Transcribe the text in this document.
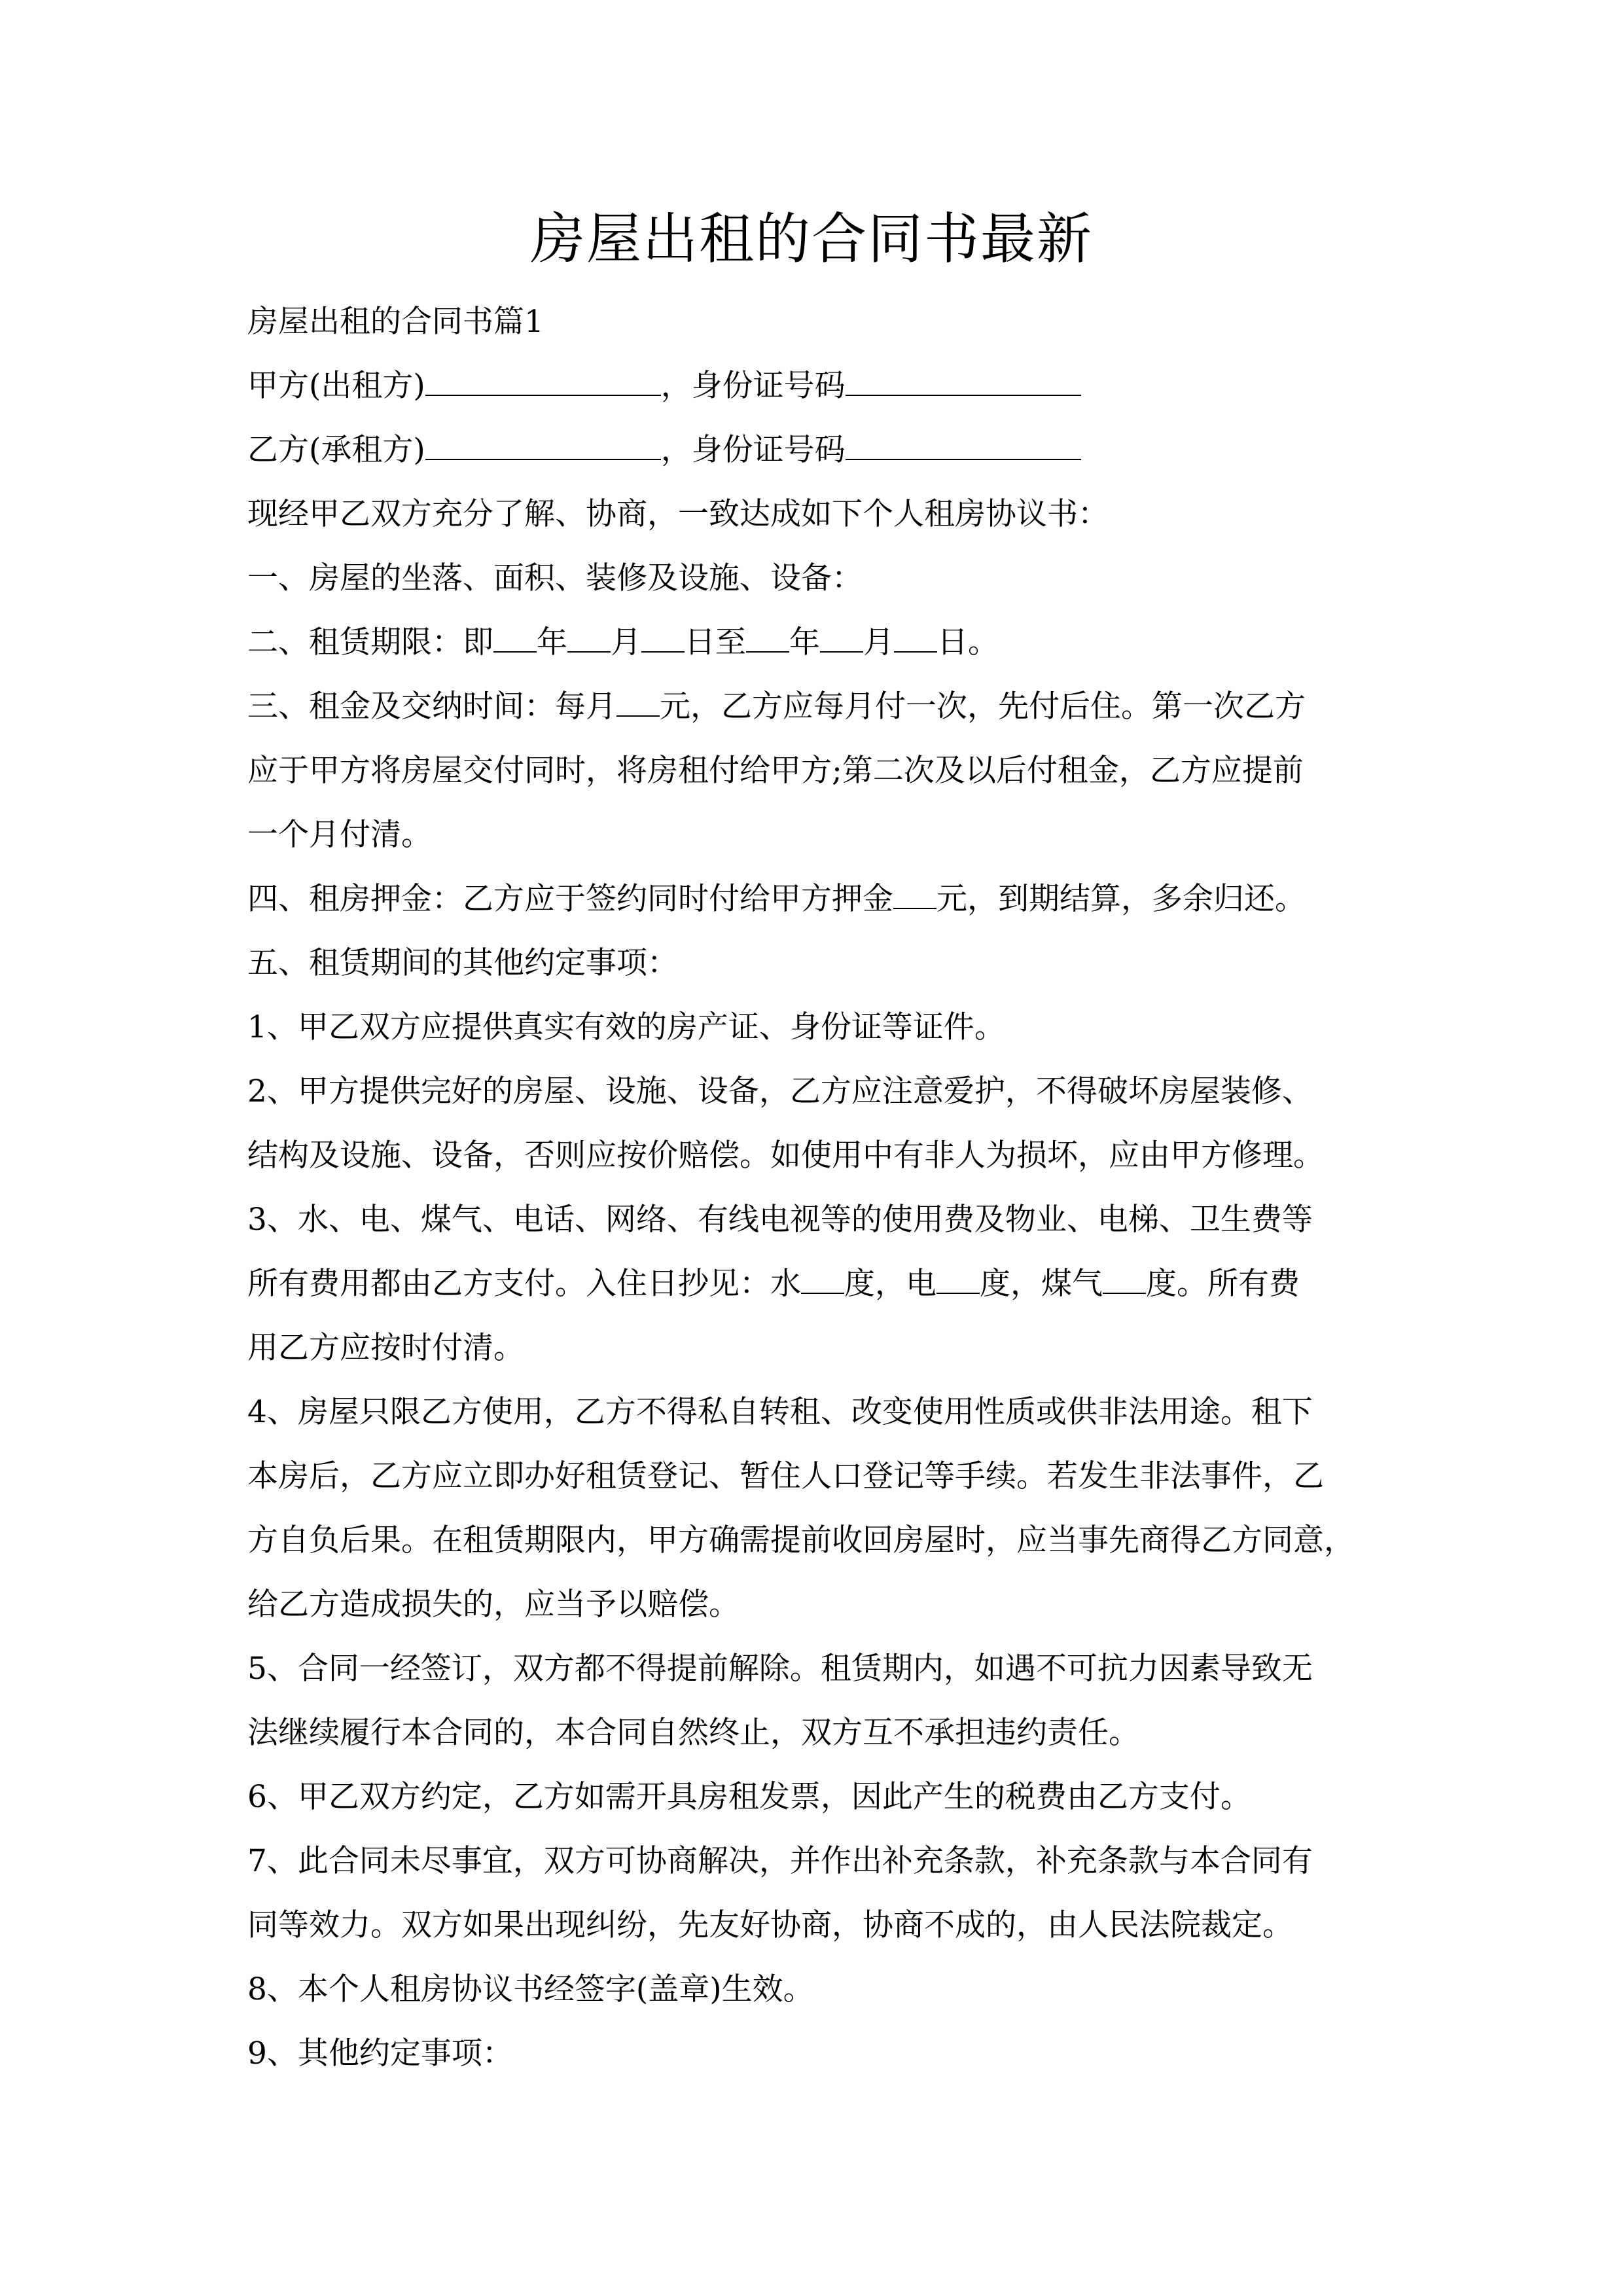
房屋出租的合同书最新
房屋出租的合同书篇1
甲方(出租方)	，身份证号码
乙方(承租方)	，身份证号码
现经甲乙双方充分了解、协商，一致达成如下个人租房协议书：
一、房屋的坐落、面积、装修及设施、设备：
二、租赁期限：即 年 月 日至 年 月 日。
三、租金及交纳时间：每月 元，乙方应每月付一次，先付后住。第一次乙方
应于甲方将房屋交付同时，将房租付给甲方;第二次及以后付租金，乙方应提前
一个月付清。
四、租房押金：乙方应于签约同时付给甲方押金 元，到期结算，多余归还。
五、租赁期间的其他约定事项：
1、甲乙双方应提供真实有效的房产证、身份证等证件。
2、甲方提供完好的房屋、设施、设备，乙方应注意爱护，不得破坏房屋装修、
结构及设施、设备，否则应按价赔偿。如使用中有非人为损坏，应由甲方修理。
3、水、电、煤气、电话、网络、有线电视等的使用费及物业、电梯、卫生费等
所有费用都由乙方支付。入住日抄见：水 度，电 度，煤气 度。所有费
用乙方应按时付清。
4、房屋只限乙方使用，乙方不得私自转租、改变使用性质或供非法用途。租下
本房后，乙方应立即办好租赁登记、暂住人口登记等手续。若发生非法事件，乙
方自负后果。在租赁期限内，甲方确需提前收回房屋时，应当事先商得乙方同意，
给乙方造成损失的，应当予以赔偿。
5、合同一经签订，双方都不得提前解除。租赁期内，如遇不可抗力因素导致无
法继续履行本合同的，本合同自然终止，双方互不承担违约责任。
6、甲乙双方约定，乙方如需开具房租发票，因此产生的税费由乙方支付。
7、此合同未尽事宜，双方可协商解决，并作出补充条款，补充条款与本合同有
同等效力。双方如果出现纠纷，先友好协商，协商不成的，由人民法院裁定。
8、本个人租房协议书经签字(盖章)生效。
9、其他约定事项：
